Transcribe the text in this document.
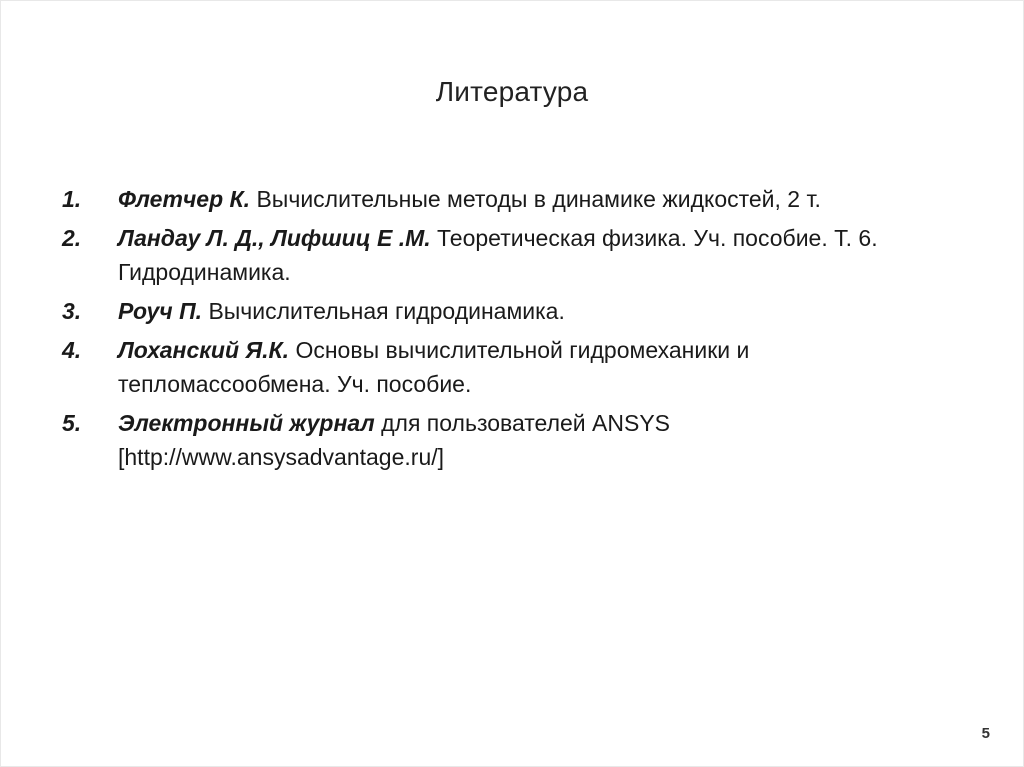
Литература
1.	Флетчер К. Вычислительные методы в динамике жидкостей, 2 т.
2.	Ландау Л. Д., Лифшиц Е .М. Теоретическая физика. Уч. пособие. Т. 6.
Гидродинамика.
3.	Роуч П. Вычислительная гидродинамика.
4.	Лоханский Я.К. Основы вычислительной гидромеханики и
тепломассообмена. Уч. пособие.
5.	Электронный журнал для пользователей ANSYS
[http://www.ansysadvantage.ru/]
5
